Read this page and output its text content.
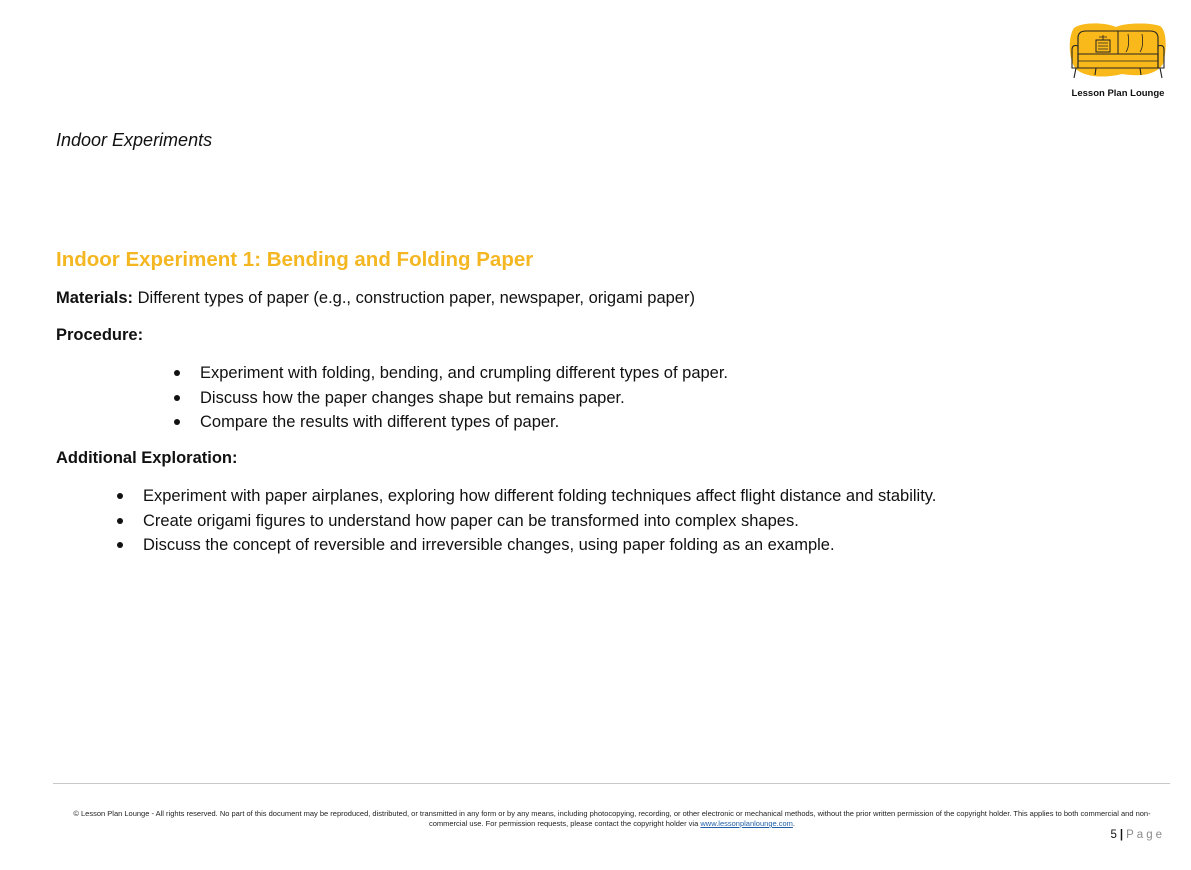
Lesson Plan Lounge
Indoor Experiments
Indoor Experiment 1: Bending and Folding Paper
Materials: Different types of paper (e.g., construction paper, newspaper, origami paper)
Procedure:
Experiment with folding, bending, and crumpling different types of paper.
Discuss how the paper changes shape but remains paper.
Compare the results with different types of paper.
Additional Exploration:
Experiment with paper airplanes, exploring how different folding techniques affect flight distance and stability.
Create origami figures to understand how paper can be transformed into complex shapes.
Discuss the concept of reversible and irreversible changes, using paper folding as an example.
© Lesson Plan Lounge - All rights reserved. No part of this document may be reproduced, distributed, or transmitted in any form or by any means, including photocopying, recording, or other electronic or mechanical methods, without the prior written permission of the copyright holder. This applies to both commercial and non-commercial use. For permission requests, please contact the copyright holder via www.lessonplanlounge.com.
5 | Page
